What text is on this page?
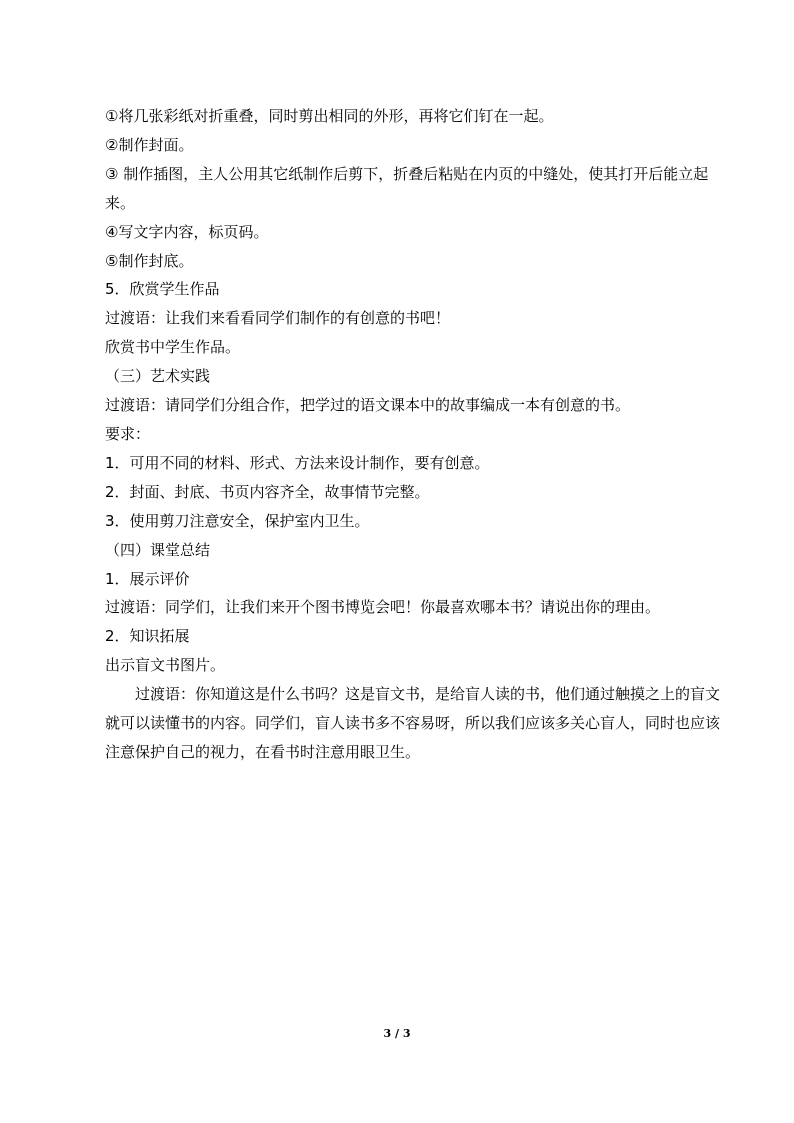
①将几张彩纸对折重叠，同时剪出相同的外形，再将它们钉在一起。

②制作封面。

③ 制作插图，主人公用其它纸制作后剪下，折叠后粘贴在内页的中缝处，使其打开后能立起来。

④写文字内容，标页码。

⑤制作封底。

5．欣赏学生作品

过渡语：让我们来看看同学们制作的有创意的书吧！

欣赏书中学生作品。

（三）艺术实践

过渡语：请同学们分组合作，把学过的语文课本中的故事编成一本有创意的书。

要求：

1．可用不同的材料、形式、方法来设计制作，要有创意。

2．封面、封底、书页内容齐全，故事情节完整。

3．使用剪刀注意安全，保护室内卫生。

（四）课堂总结

1．展示评价

过渡语：同学们，让我们来开个图书博览会吧！你最喜欢哪本书？请说出你的理由。

2．知识拓展

出示盲文书图片。

过渡语：你知道这是什么书吗？这是盲文书，是给盲人读的书，他们通过触摸之上的盲文就可以读懂书的内容。同学们，盲人读书多不容易呀，所以我们应该多关心盲人，同时也应该注意保护自己的视力，在看书时注意用眼卫生。

3 / 3
